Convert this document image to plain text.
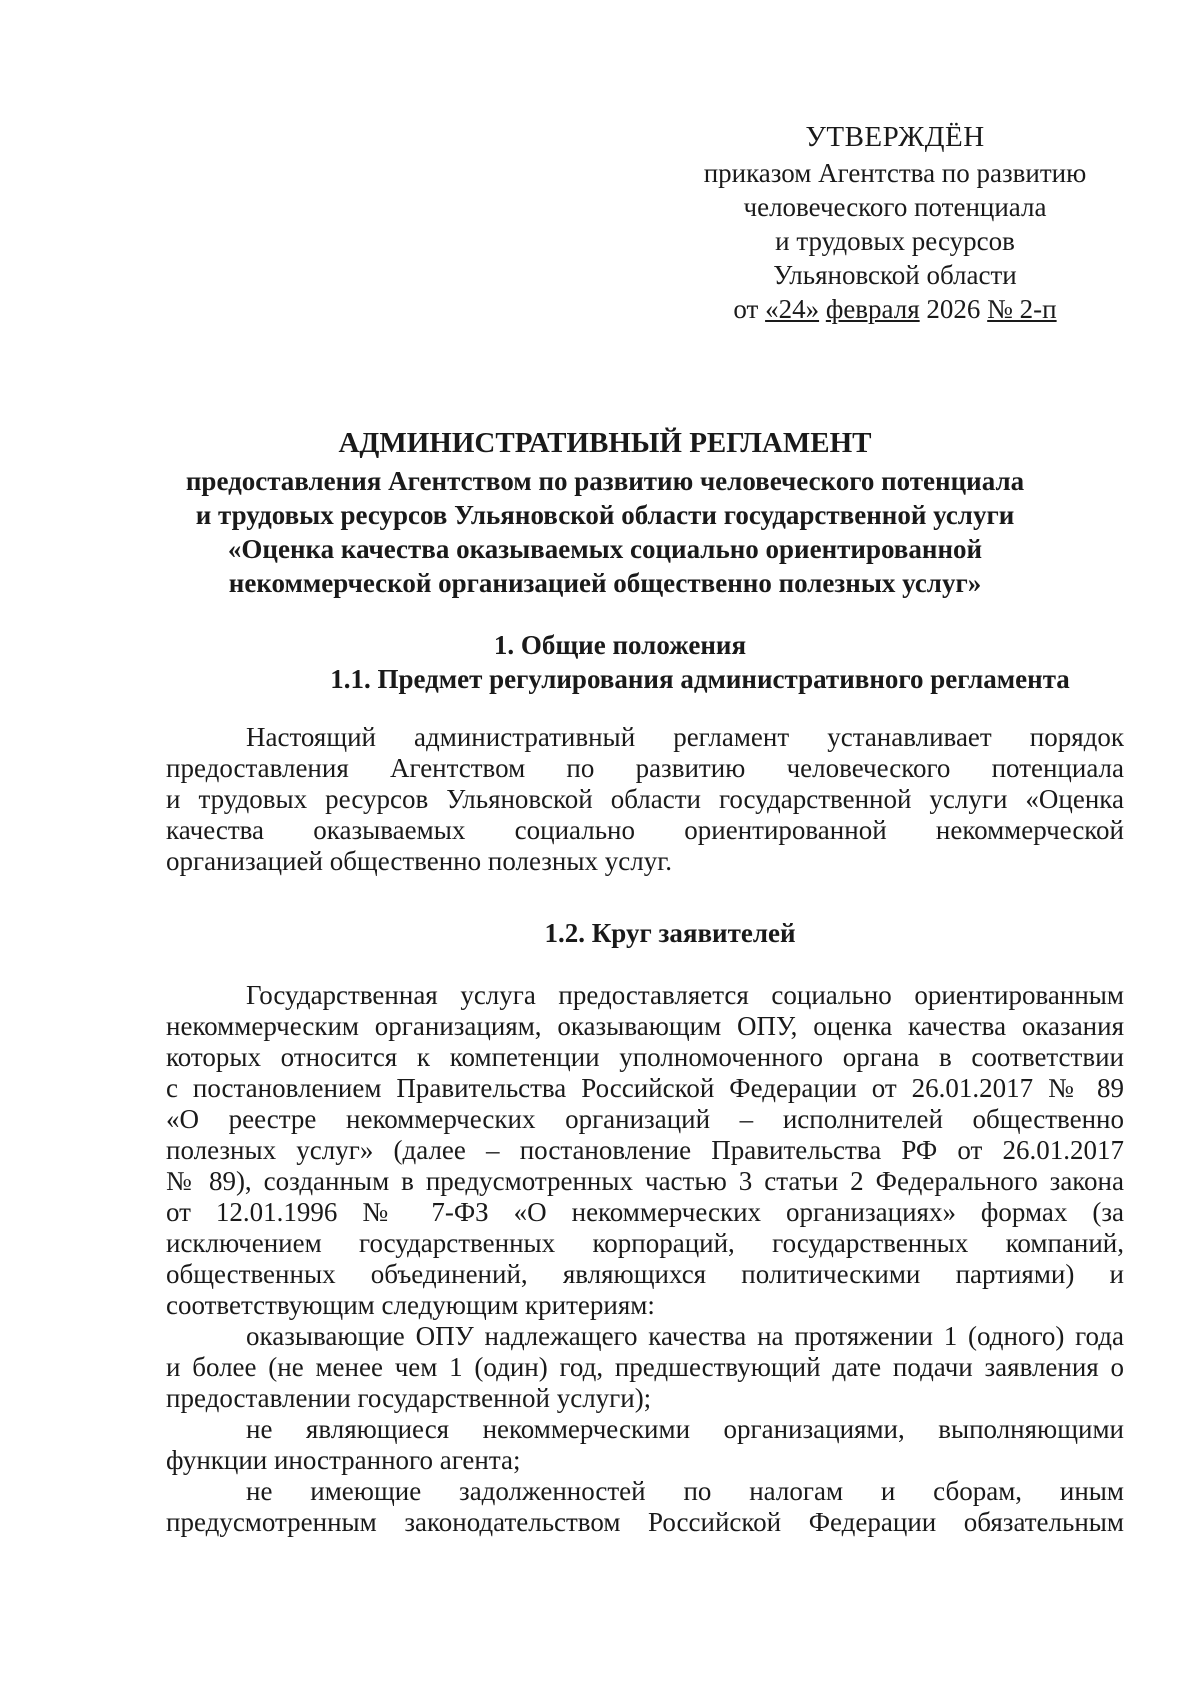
УТВЕРЖДЁН
приказом Агентства по развитию
человеческого потенциала
и трудовых ресурсов
Ульяновской области
от «24» февраля 2026 № 2-п
АДМИНИСТРАТИВНЫЙ РЕГЛАМЕНТ
предоставления Агентством по развитию человеческого потенциала
и трудовых ресурсов Ульяновской области государственной услуги
«Оценка качества оказываемых социально ориентированной
некоммерческой организацией общественно полезных услуг»
1. Общие положения
1.1. Предмет регулирования административного регламента
Настоящий административный регламент устанавливает порядок
предоставления Агентством по развитию человеческого потенциала
и трудовых ресурсов Ульяновской области государственной услуги «Оценка
качества оказываемых социально ориентированной некоммерческой
организацией общественно полезных услуг.
1.2. Круг заявителей
Государственная услуга предоставляется социально ориентированным
некоммерческим организациям, оказывающим ОПУ, оценка качества оказания
которых относится к компетенции уполномоченного органа в соответствии
с постановлением Правительства Российской Федерации от 26.01.2017 № 89
«О реестре некоммерческих организаций – исполнителей общественно
полезных услуг» (далее – постановление Правительства РФ от 26.01.2017
№ 89), созданным в предусмотренных частью 3 статьи 2 Федерального закона
от 12.01.1996 № 7-ФЗ «О некоммерческих организациях» формах (за
исключением государственных корпораций, государственных компаний,
общественных объединений, являющихся политическими партиями) и
соответствующим следующим критериям:
оказывающие ОПУ надлежащего качества на протяжении 1 (одного) года
и более (не менее чем 1 (один) год, предшествующий дате подачи заявления о
предоставлении государственной услуги);
не являющиеся некоммерческими организациями, выполняющими
функции иностранного агента;
не имеющие задолженностей по налогам и сборам, иным
предусмотренным законодательством Российской Федерации обязательным
